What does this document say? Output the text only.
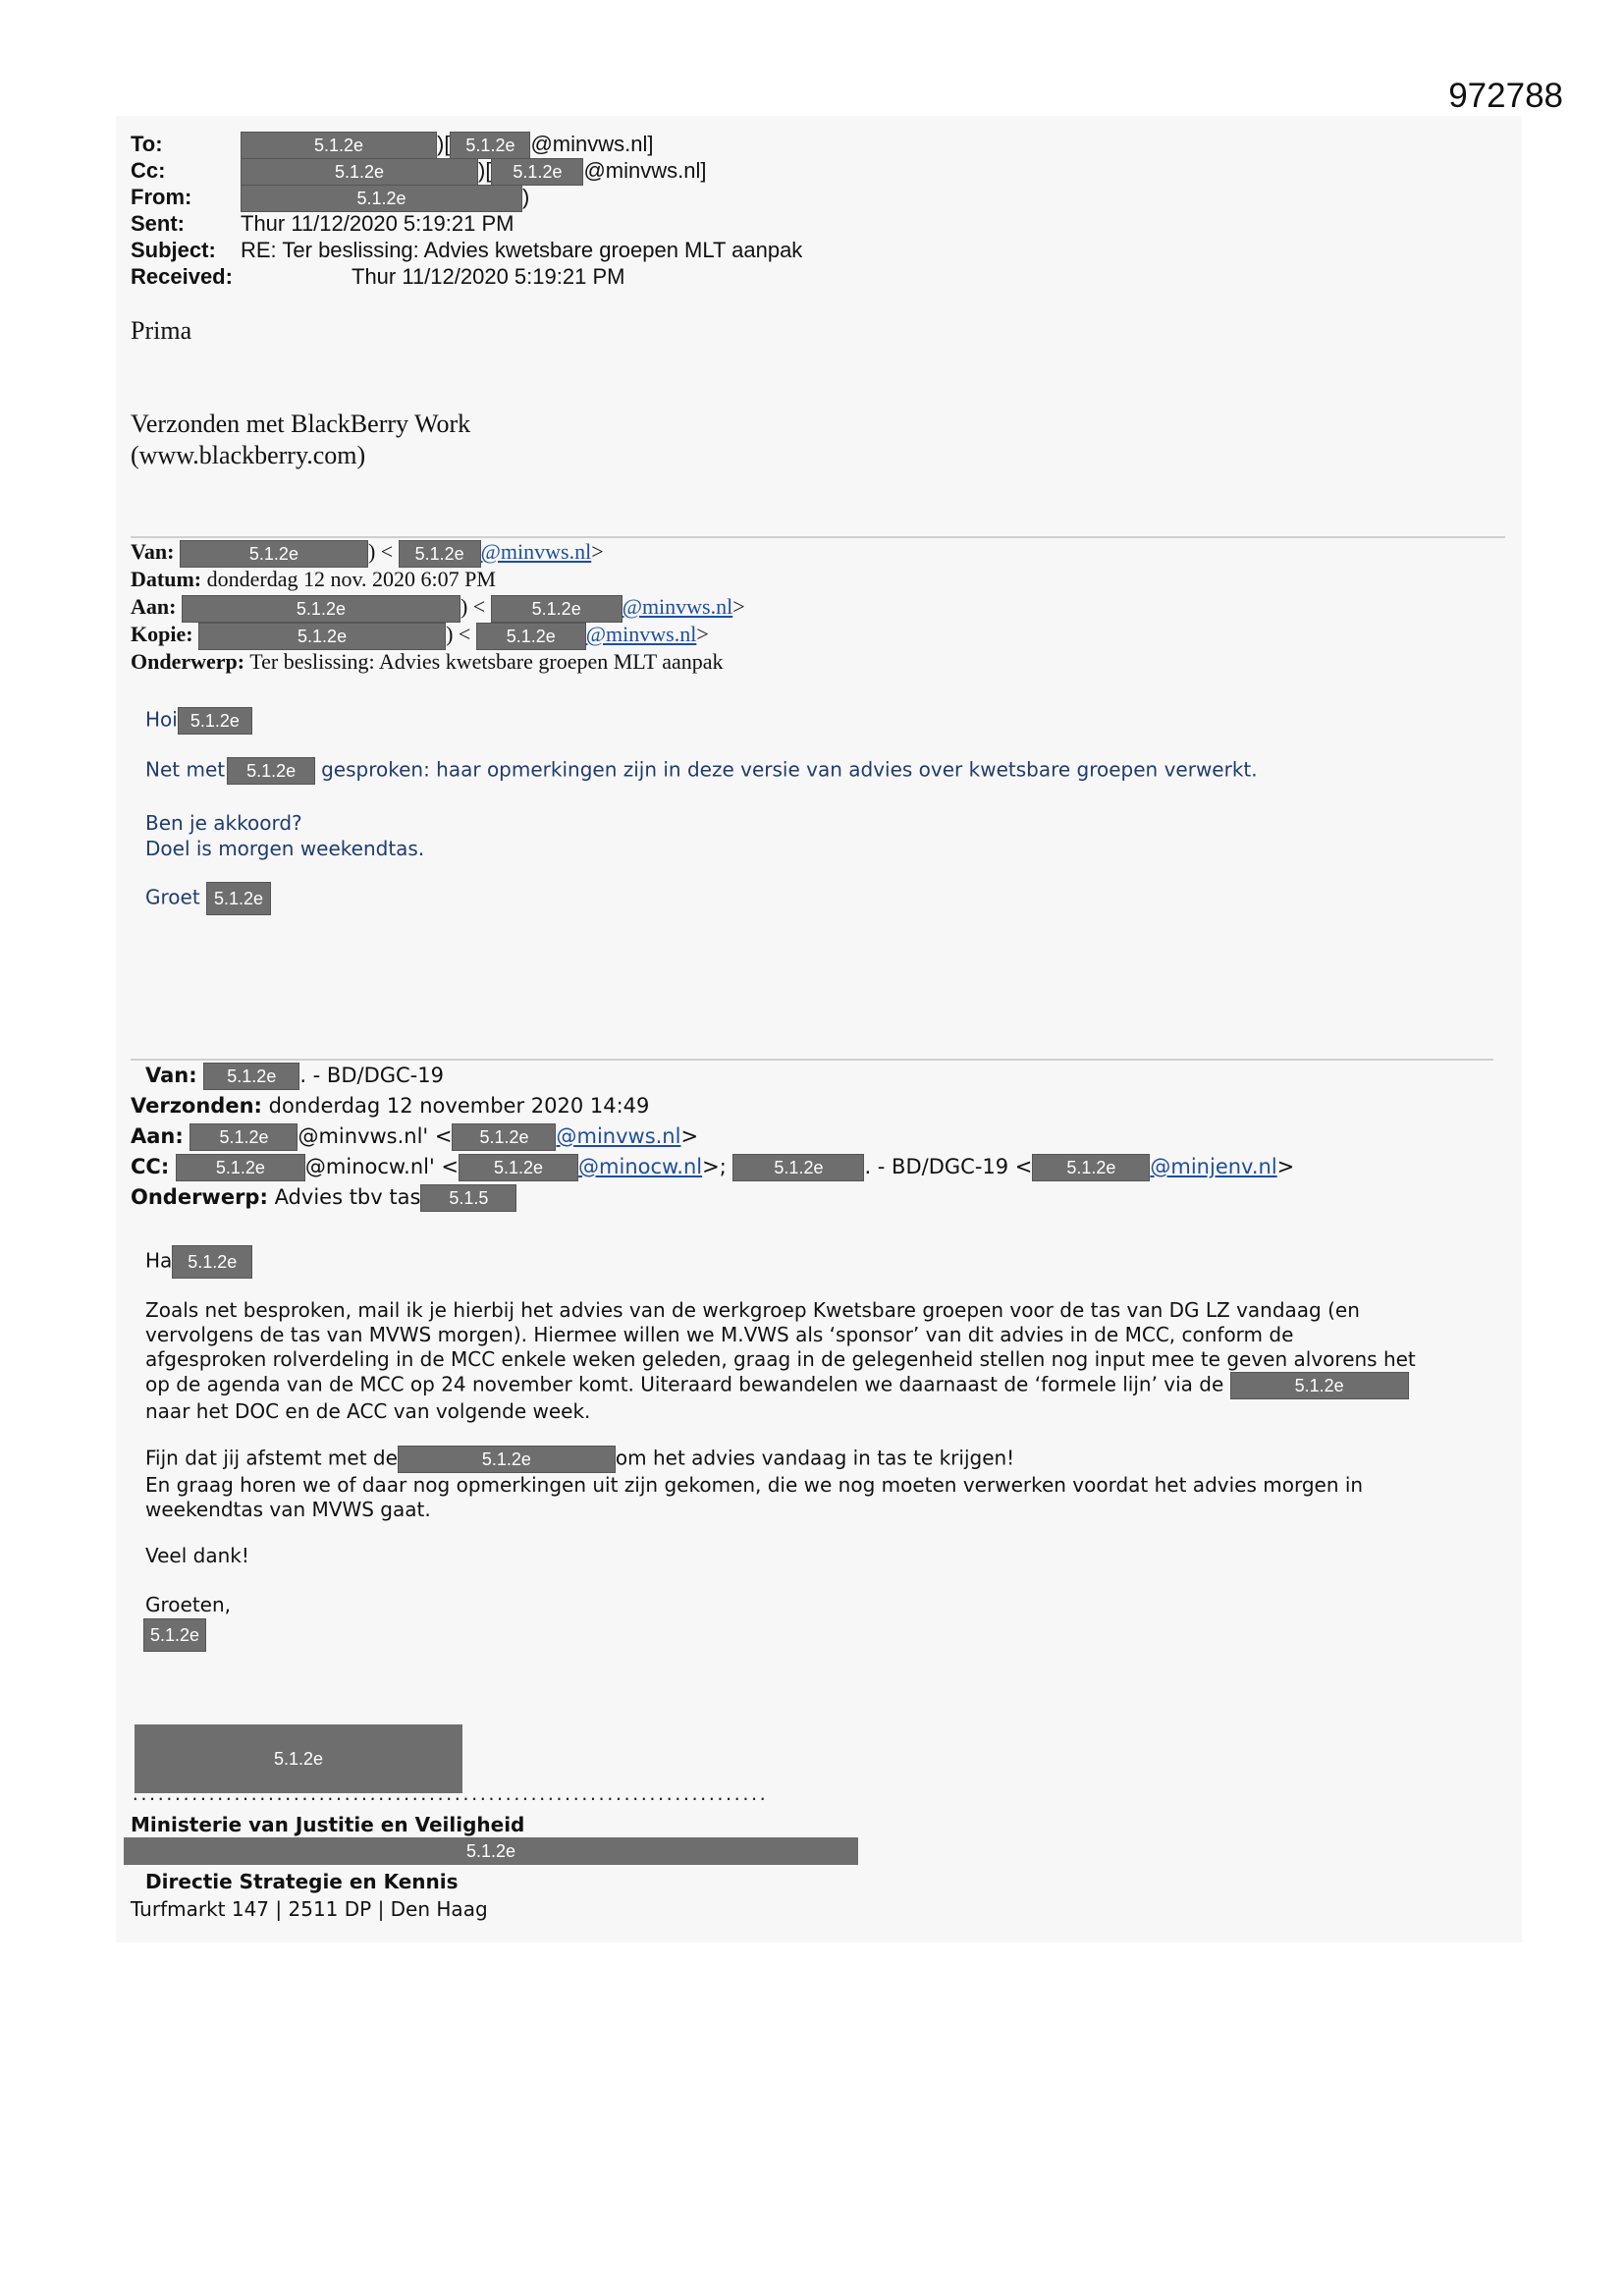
972788
To:	5.1.2e	)[ 5.1.2e @minvws.nl]
Cc:	5.1.2e	)[ 5.1.2e @minvws.nl]
From:	5.1.2e	)
Sent:	Thur 11/12/2020 5:19:21 PM
Subject: RE: Ter beslissing: Advies kwetsbare groepen MLT aanpak
Received:	Thur 11/12/2020 5:19:21 PM
Prima
Verzonden met BlackBerry Work
(www.blackberry.com)
Van:	5.1.2e	) < 5.1.2e @minvws.nl>
Datum: donderdag 12 nov. 2020 6:07 PM
Aan:	5.1.2e	) <	5.1.2e @minvws.nl>
Kopie:	5.1.2e	) < 5.1.2e @minvws.nl>
Onderwerp: Ter beslissing: Advies kwetsbare groepen MLT aanpak
Hoi 5.1.2e
Net met 5.1.2e gesproken: haar opmerkingen zijn in deze versie van advies over kwetsbare groepen verwerkt.
Ben je akkoord?
Doel is morgen weekendtas.
Groet 5.1.2e
Van: 5.1.2e . - BD/DGC-19
Verzonden: donderdag 12 november 2020 14:49
Aan: 5.1.2e @minvws.nl' < 5.1.2e @minvws.nl>
CC:	5.1.2e @minocw.nl' < 5.1.2e @minocw.nl>;	5.1.2e . - BD/DGC-19 < 5.1.2e @minjenv.nl>
Onderwerp: Advies tbv tas 5.1.5
Ha 5.1.2e
Zoals net besproken, mail ik je hierbij het advies van de werkgroep Kwetsbare groepen voor de tas van DG LZ vandaag (en
vervolgens de tas van MVWS morgen). Hiermee willen we M.VWS als ‘sponsor’ van dit advies in de MCC, conform de
afgesproken rolverdeling in de MCC enkele weken geleden, graag in de gelegenheid stellen nog input mee te geven alvorens het
op de agenda van de MCC op 24 november komt. Uiteraard bewandelen we daarnaast de ‘formele lijn’ via de	5.1.2e
naar het DOC en de ACC van volgende week.
Fijn dat jij afstemt met de	5.1.2e	om het advies vandaag in tas te krijgen!
En graag horen we of daar nog opmerkingen uit zijn gekomen, die we nog moeten verwerken voordat het advies morgen in
weekendtas van MVWS gaat.
Veel dank!
Groeten,
5.1.2e
5.1.2e
...........................................................................
Ministerie van Justitie en Veiligheid
5.1.2e
Directie Strategie en Kennis
Turfmarkt 147 | 2511 DP | Den Haag
